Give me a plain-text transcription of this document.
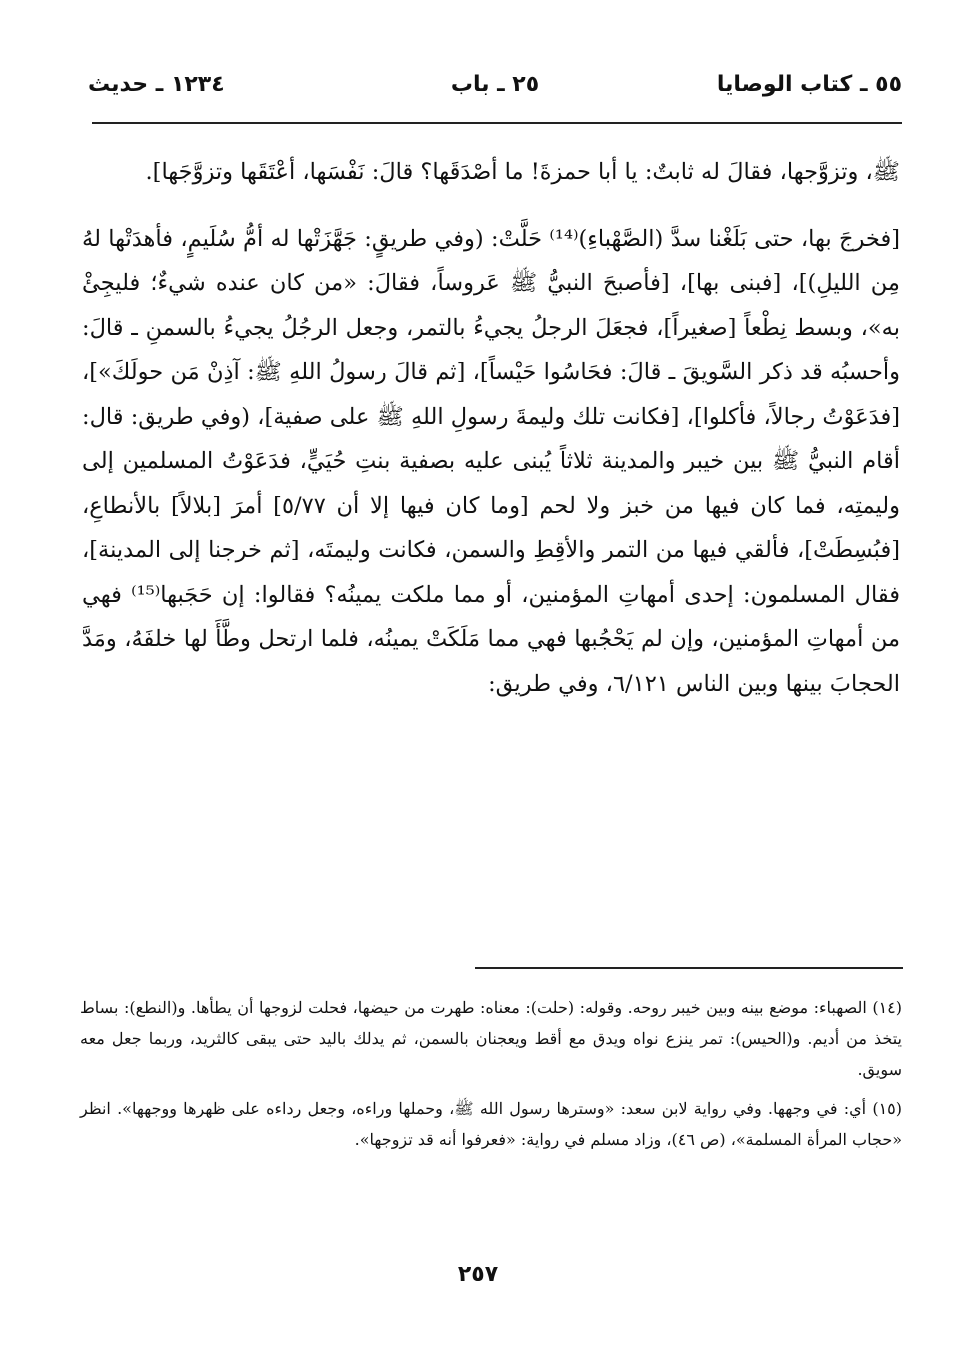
٥٥ ـ كتاب الوصايا
٢٥ ـ باب
١٢٣٤ ـ حديث

ﷺ، وتزوَّجها، فقالَ له ثابتٌ: يا أبا حمزةَ! ما أصْدَقَها؟ قالَ: نَفْسَها، أعْتَقَها وتزوَّجَها].

[فخرجَ بها، حتى بَلَغْنا سدَّ (الصَّهْباءِ)⁽¹⁴⁾ حَلَّتْ: (وفي طريقٍ: جَهَّزَتْها له أمُّ سُلَيمٍ، فأهدَتْها لهُ مِن الليلِ)]، [فبنى بها]، [فأصبحَ النبيُّ ﷺ عَروساً، فقالَ: «من كان عنده شيءٌ؛ فليجِئْ به»، وبسط نِطْعاً [صغيراً]، فجعَلَ الرجلُ يجيءُ بالتمر، وجعل الرجُلُ يجيءُ بالسمنِ ـ قالَ: وأحسبُه قد ذكر السَّويقَ ـ قالَ: فحَاسُوا حَيْساً]، [ثم قالَ رسولُ اللهِ ﷺ: آذِنْ مَن حولَكَ»]، [فدَعَوْتُ رجالاً، فأكلوا]، [فكانت تلك وليمةَ رسولِ اللهِ ﷺ على صفية]، (وفي طريق: قال: أقام النبيُّ ﷺ بين خيبر والمدينة ثلاثاً يُبنى عليه بصفية بنتِ حُيَيٍّ، فدَعَوْتُ المسلمين إلى وليمتِه، فما كان فيها من خبز ولا لحم [وما كان فيها إلا أن ٥/٧٧] أمرَ [بلالاً] بالأنطاعِ، [فبُسِطَتْ]، فألقي فيها من التمر والأقِطِ والسمن، فكانت وليمتَه، [ثم خرجنا إلى المدينة]، فقال المسلمون: إحدى أمهاتِ المؤمنين، أو مما ملكت يمينُه؟ فقالوا: إن حَجَبها⁽¹⁵⁾ فهي من أمهاتِ المؤمنين، وإن لم يَحْجُبها فهي مما مَلَكَتْ يمينُه، فلما ارتحل وطَّأَ لها خلفَهُ، ومَدَّ الحجابَ بينها وبين الناس ٦/١٢١، وفي طريق:

(١٤) الصهباء: موضع بينه وبين خيبر روحه. وقوله: (حلت): معناه: طهرت من حيضها، فحلت لزوجها أن يطأها. و(النطع): بساط يتخذ من أديم. و(الحيس): تمر ينزع نواه ويدق مع أقط ويعجنان بالسمن، ثم يدلك باليد حتى يبقى كالثريد، وربما جعل معه سويق.

(١٥) أي: في وجهها. وفي رواية لابن سعد: «وسترها رسول الله ﷺ، وحملها وراءه، وجعل رداءه على ظهرها ووجهها». انظر «حجاب المرأة المسلمة»، (ص ٤٦)، وزاد مسلم في رواية: «فعرفوا أنه قد تزوجها».

٢٥٧
